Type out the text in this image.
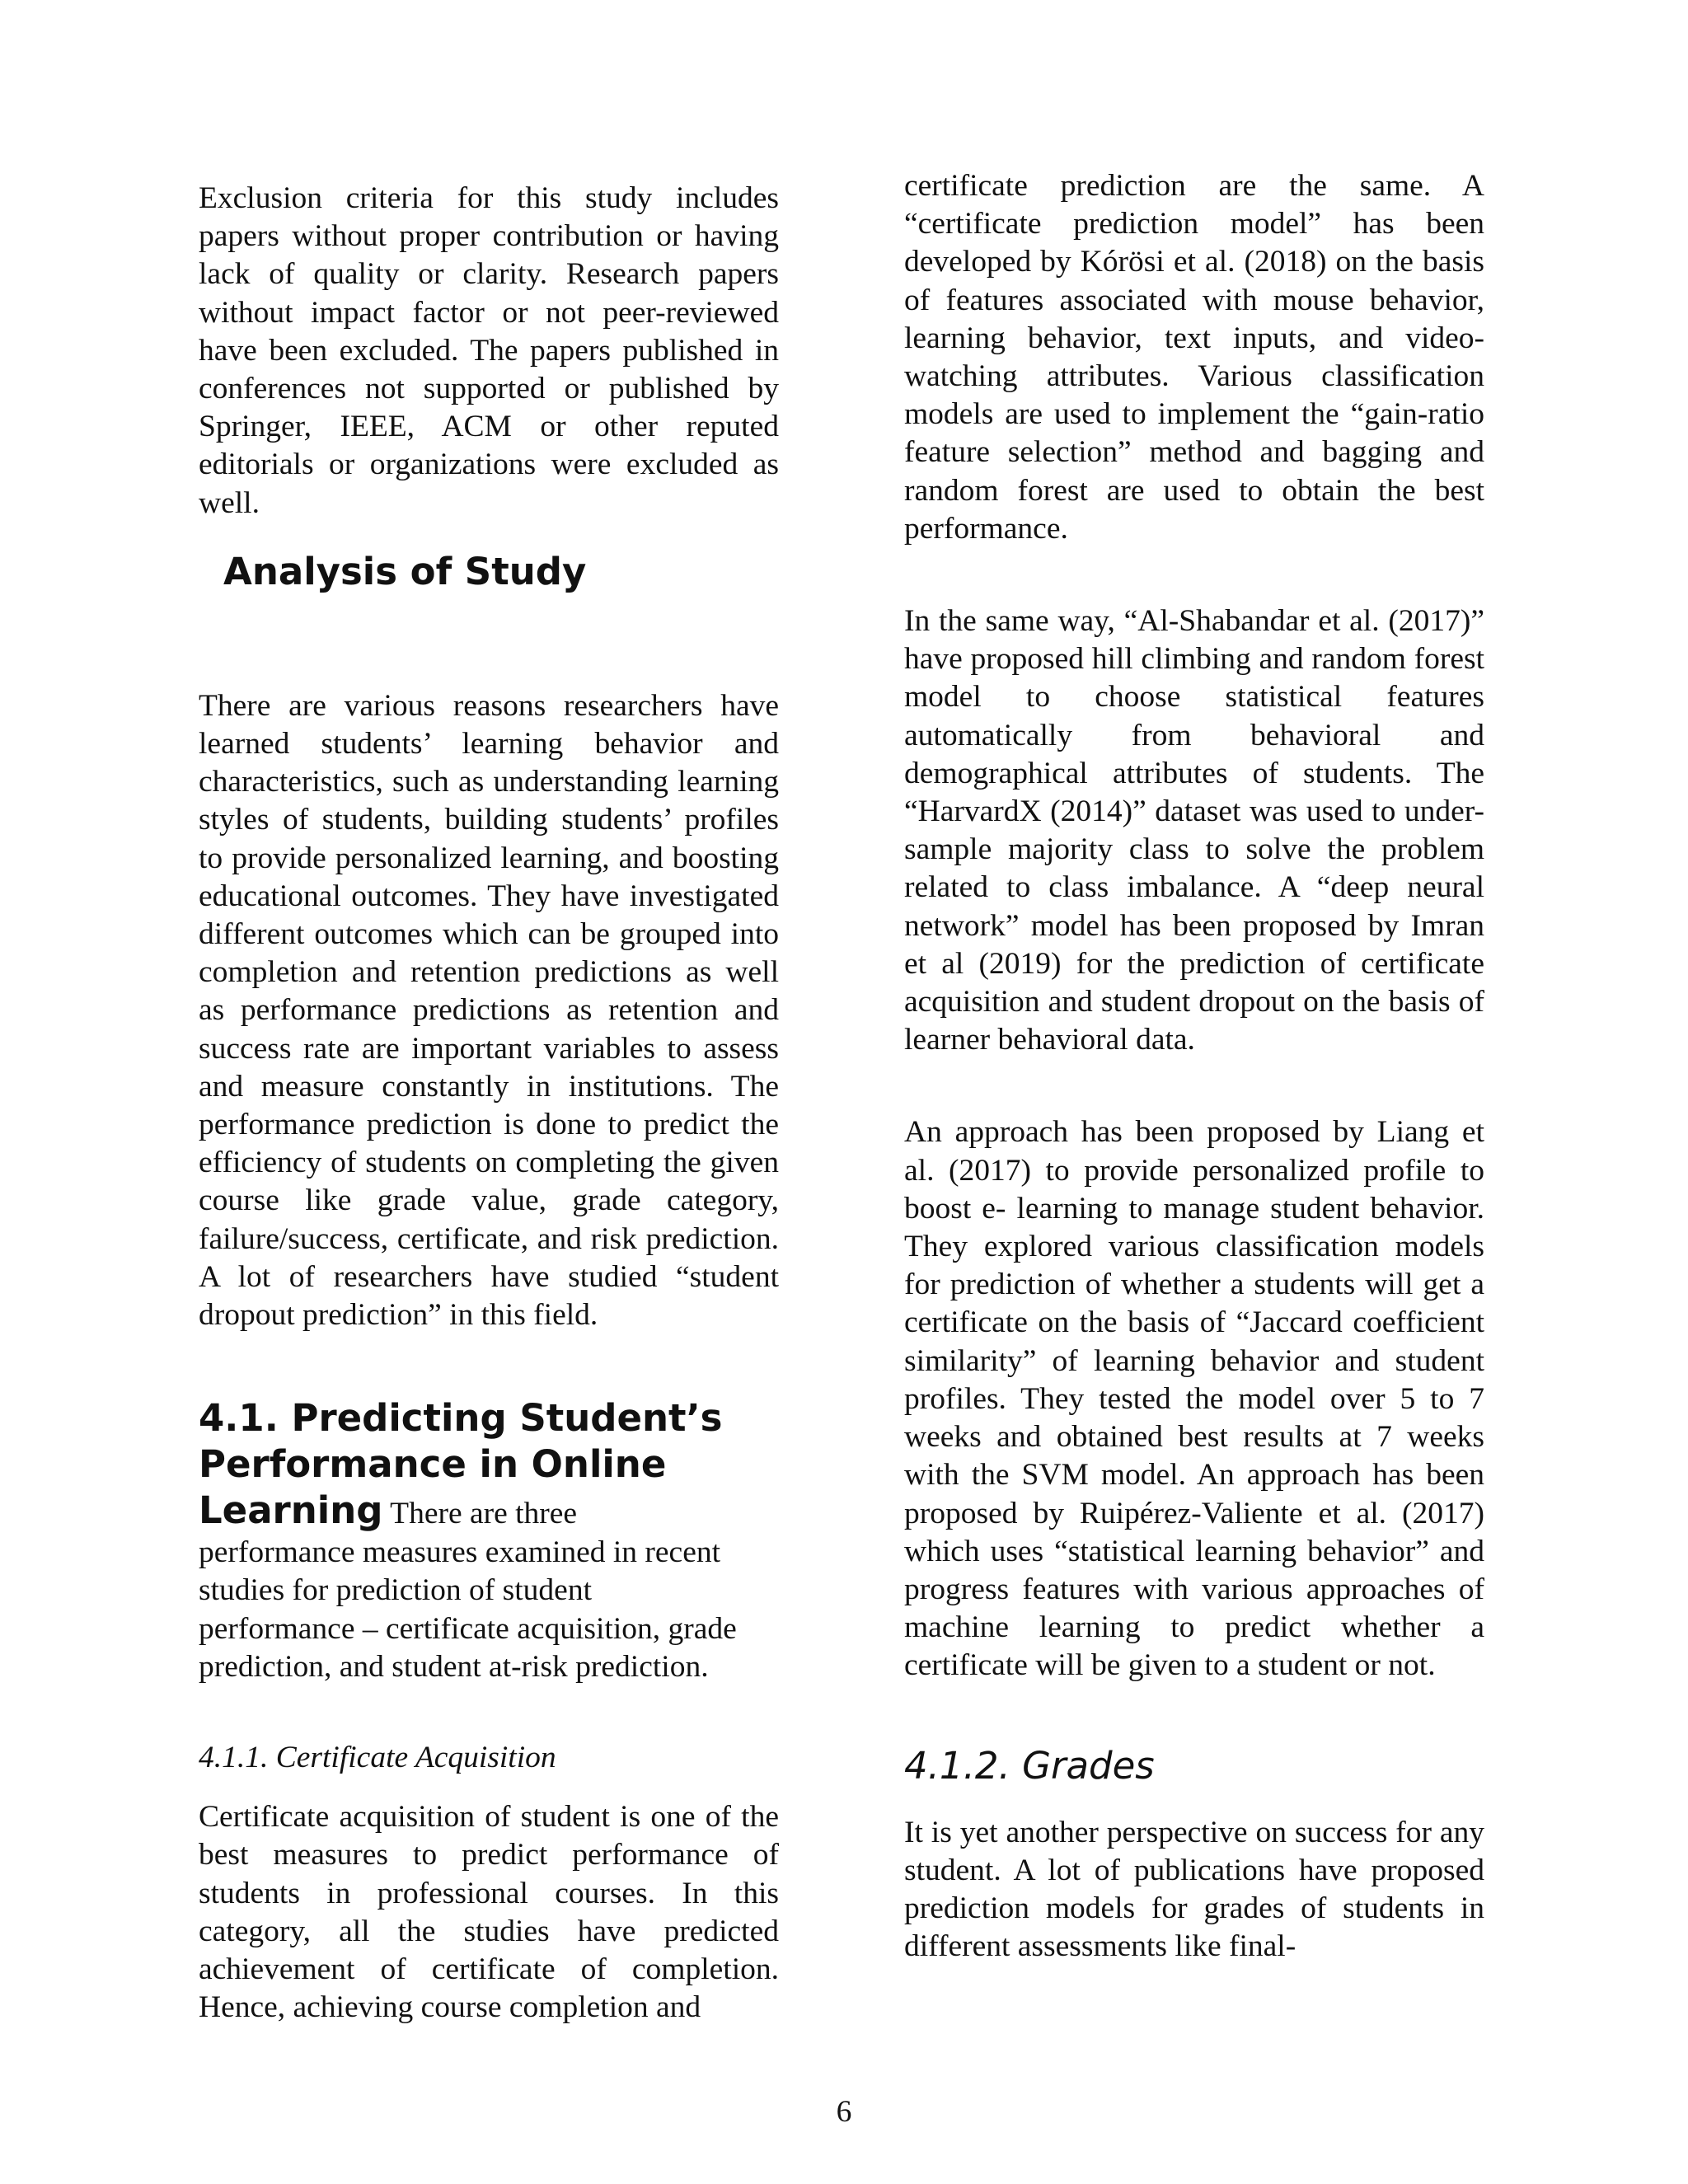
Exclusion criteria for this study includes papers without proper contribution or having lack of quality or clarity. Research papers without impact factor or not peer-reviewed have been excluded. The papers published in conferences not supported or published by Springer, IEEE, ACM or other reputed editorials or organizations were excluded as well.

Analysis of Study

There are various reasons researchers have learned students’ learning behavior and characteristics, such as understanding learning styles of students, building students’ profiles to provide personalized learning, and boosting educational outcomes. They have investigated different outcomes which can be grouped into completion and retention predictions as well as performance predictions as retention and success rate are important variables to assess and measure constantly in institutions. The performance prediction is done to predict the efficiency of students on completing the given course like grade value, grade category, failure/success, certificate, and risk prediction. A lot of researchers have studied “student dropout prediction” in this field.

4.1. Predicting Student’s
Performance in Online
Learning There are three
performance measures examined in recent studies for prediction of student performance – certificate acquisition, grade prediction, and student at-risk prediction.
4.1.1. Certificate Acquisition

Certificate acquisition of student is one of the best measures to predict performance of students in professional courses. In this category, all the studies have predicted achievement of certificate of completion. Hence, achieving course completion and

certificate prediction are the same. A “certificate prediction model” has been developed by Kórösi et al. (2018) on the basis of features associated with mouse behavior, learning behavior, text inputs, and video-watching attributes. Various classification models are used to implement the “gain-ratio feature selection” method and bagging and random forest are used to obtain the best performance.

In the same way, “Al-Shabandar et al. (2017)” have proposed hill climbing and random forest model to choose statistical features automatically from behavioral and demographical attributes of students. The “HarvardX (2014)” dataset was used to under-sample majority class to solve the problem related to class imbalance. A “deep neural network” model has been proposed by Imran et al (2019) for the prediction of certificate acquisition and student dropout on the basis of learner behavioral data.

An approach has been proposed by Liang et al. (2017) to provide personalized profile to boost e- learning to manage student behavior. They explored various classification models for prediction of whether a students will get a certificate on the basis of “Jaccard coefficient similarity” of learning behavior and student profiles. They tested the model over 5 to 7 weeks and obtained best results at 7 weeks with the SVM model. An approach has been proposed by Ruipérez-Valiente et al. (2017) which uses “statistical learning behavior” and progress features with various approaches of machine learning to predict whether a certificate will be given to a student or not.

4.1.2. Grades

It is yet another perspective on success for any student. A lot of publications have proposed prediction models for grades of students in different assessments like final-

6
